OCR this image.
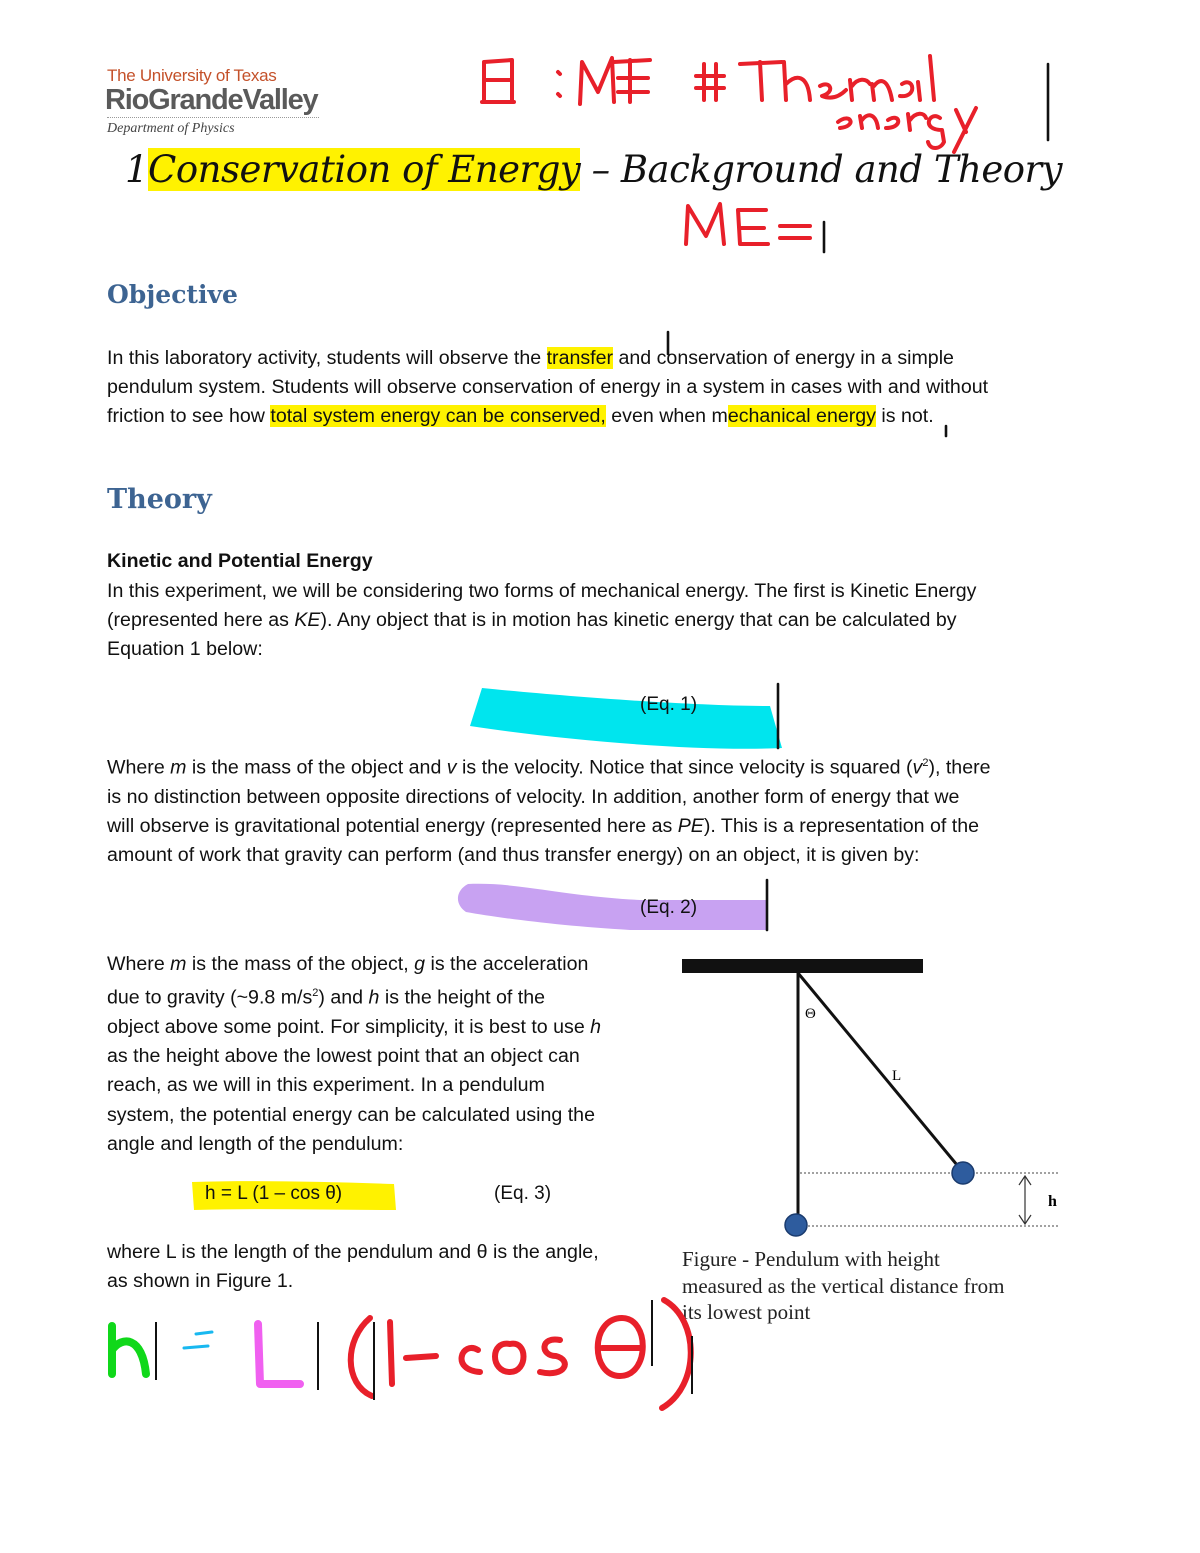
The University of Texas
RioGrandeValley
Department of Physics
1Conservation of Energy – Background and Theory
Objective
In this laboratory activity, students will observe the transfer and conservation of energy in a simple
pendulum system. Students will observe conservation of energy in a system in cases with and without
friction to see how total system energy can be conserved, even when mechanical energy is not.
Theory
Kinetic and Potential Energy
In this experiment, we will be considering two forms of mechanical energy. The first is Kinetic Energy
(represented here as KE). Any object that is in motion has kinetic energy that can be calculated by
Equation 1 below:
(Eq. 1)
Where m is the mass of the object and v is the velocity. Notice that since velocity is squared $(v^2)$, there
is no distinction between opposite directions of velocity. In addition, another form of energy that we
will observe is gravitational potential energy (represented here as PE). This is a representation of the
amount of work that gravity can perform (and thus transfer energy) on an object, it is given by:
(Eq. 2)
Where m is the mass of the object, g is the acceleration
due to gravity (~9.8 $m/s^2$) and h is the height of the
object above some point. For simplicity, it is best to use h
as the height above the lowest point that an object can
reach, as we will in this experiment. In a pendulum
system, the potential energy can be calculated using the
angle and length of the pendulum:
h = L (1 – cos θ)	(Eq. 3)
where L is the length of the pendulum and θ is the angle,
as shown in Figure 1.
Θ
L
h
Figure - Pendulum with height
measured as the vertical distance from
its lowest point
